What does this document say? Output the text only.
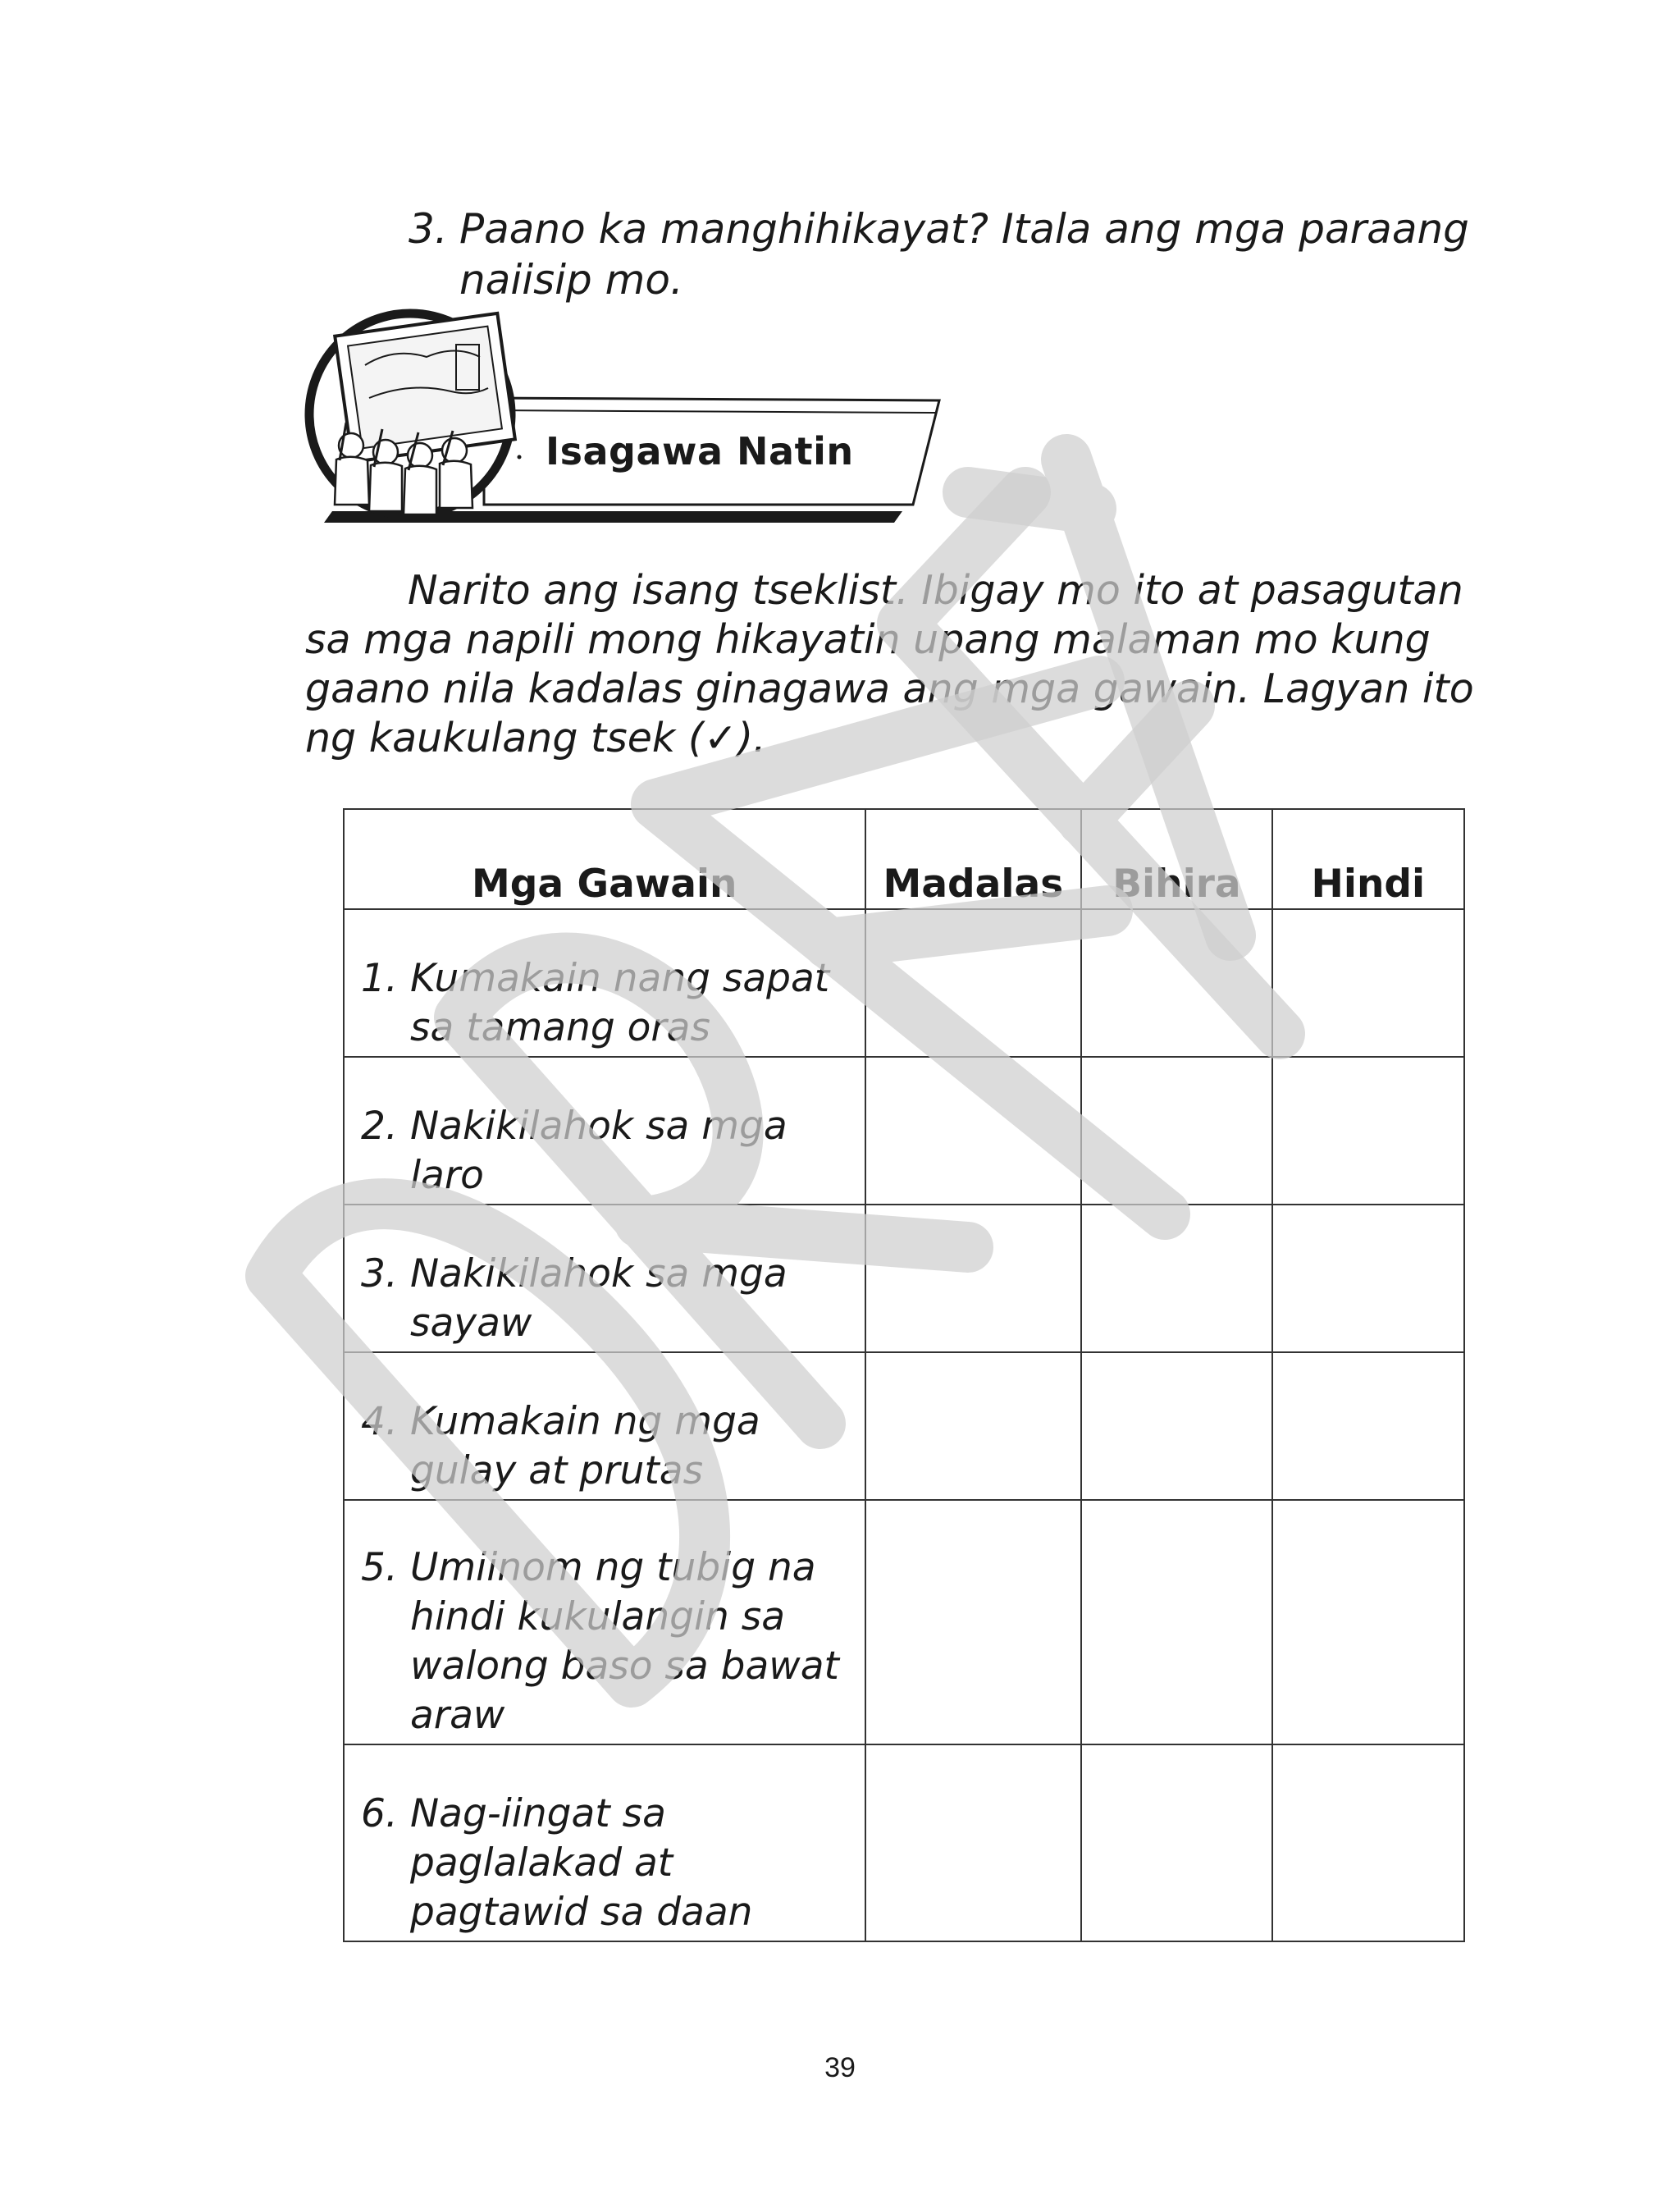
3. Paano ka manghihikayat? Itala ang mga paraang naiisip mo.
Isagawa Natin
Narito ang isang tseklist. Ibigay mo ito at pasagutan sa mga napili mong hikayatin upang malaman mo kung gaano nila kadalas ginagawa ang mga gawain. Lagyan ito ng kaukulang tsek (✓).
Mga Gawain	Madalas	Bihira	Hindi
1. Kumakain nang sapat sa tamang oras			
2. Nakikilahok sa mga laro			
3. Nakikilahok sa mga sayaw			
4. Kumakain ng mga gulay at prutas			
5. Umiinom ng tubig na hindi kukulangin sa walong baso sa bawat araw			
6. Nag-iingat sa paglalakad at pagtawid sa daan			
39
